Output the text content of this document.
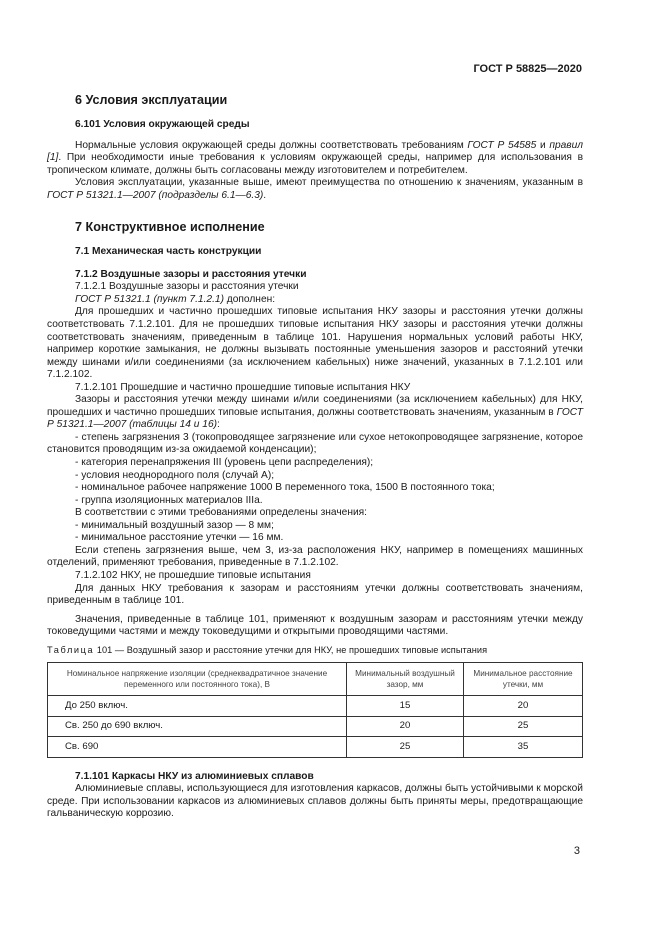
ГОСТ Р 58825—2020
6 Условия эксплуатации
6.101 Условия окружающей среды

Нормальные условия окружающей среды должны соответствовать требованиям ГОСТ Р 54585 и правил [1]. При необходимости иные требования к условиям окружающей среды, например для использования в тропическом климате, должны быть согласованы между изготовителем и потребителем.

Условия эксплуатации, указанные выше, имеют преимущества по отношению к значениям, указанным в ГОСТ Р 51321.1—2007 (подразделы 6.1—6.3).

7 Конструктивное исполнение
7.1 Механическая часть конструкции
7.1.2 Воздушные зазоры и расстояния утечки
7.1.2.1 Воздушные зазоры и расстояния утечки
ГОСТ Р 51321.1 (пункт 7.1.2.1) дополнен:

Для прошедших и частично прошедших типовые испытания НКУ зазоры и расстояния утечки должны соответствовать 7.1.2.101. Для не прошедших типовые испытания НКУ зазоры и расстояния утечки должны соответствовать значениям, приведенным в таблице 101. Нарушения нормальных условий работы НКУ, например короткие замыкания, не должны вызывать постоянные уменьшения зазоров и расстояний утечки между шинами и/или соединениями (за исключением кабельных) ниже значений, указанных в 7.1.2.101 или 7.1.2.102.

7.1.2.101 Прошедшие и частично прошедшие типовые испытания НКУ

Зазоры и расстояния утечки между шинами и/или соединениями (за исключением кабельных) для НКУ, прошедших и частично прошедших типовые испытания, должны соответствовать значениям, указанным в ГОСТ Р 51321.1—2007 (таблицы 14 и 16):

- степень загрязнения 3 (токопроводящее загрязнение или сухое нетокопроводящее загрязнение, которое становится проводящим из-за ожидаемой конденсации);

- категория перенапряжения III (уровень цепи распределения);

- условия неоднородного поля (случай А);

- номинальное рабочее напряжение 1000 В переменного тока, 1500 В постоянного тока;

- группа изоляционных материалов IIIa.

В соответствии с этими требованиями определены значения:

- минимальный воздушный зазор — 8 мм;

- минимальное расстояние утечки — 16 мм.

Если степень загрязнения выше, чем 3, из-за расположения НКУ, например в помещениях машинных отделений, применяют требования, приведенные в 7.1.2.102.

7.1.2.102 НКУ, не прошедшие типовые испытания

Для данных НКУ требования к зазорам и расстояниям утечки должны соответствовать значениям, приведенным в таблице 101.

Значения, приведенные в таблице 101, применяют к воздушным зазорам и расстояниям утечки между токоведущими частями и между токоведущими и открытыми проводящими частями.

Таблица 101 — Воздушный зазор и расстояние утечки для НКУ, не прошедших типовые испытания
Номинальное напряжение изоляции (среднеквадратичное значение переменного или постоянного тока), В	Минимальный воздушный зазор, мм	Минимальное расстояние утечки, мм
До 250 включ.	15	20
Св. 250 до 690 включ.	20	25
Св. 690	25	35
7.1.101 Каркасы НКУ из алюминиевых сплавов

Алюминиевые сплавы, использующиеся для изготовления каркасов, должны быть устойчивыми к морской среде. При использовании каркасов из алюминиевых сплавов должны быть приняты меры, предотвращающие гальваническую коррозию.

3
